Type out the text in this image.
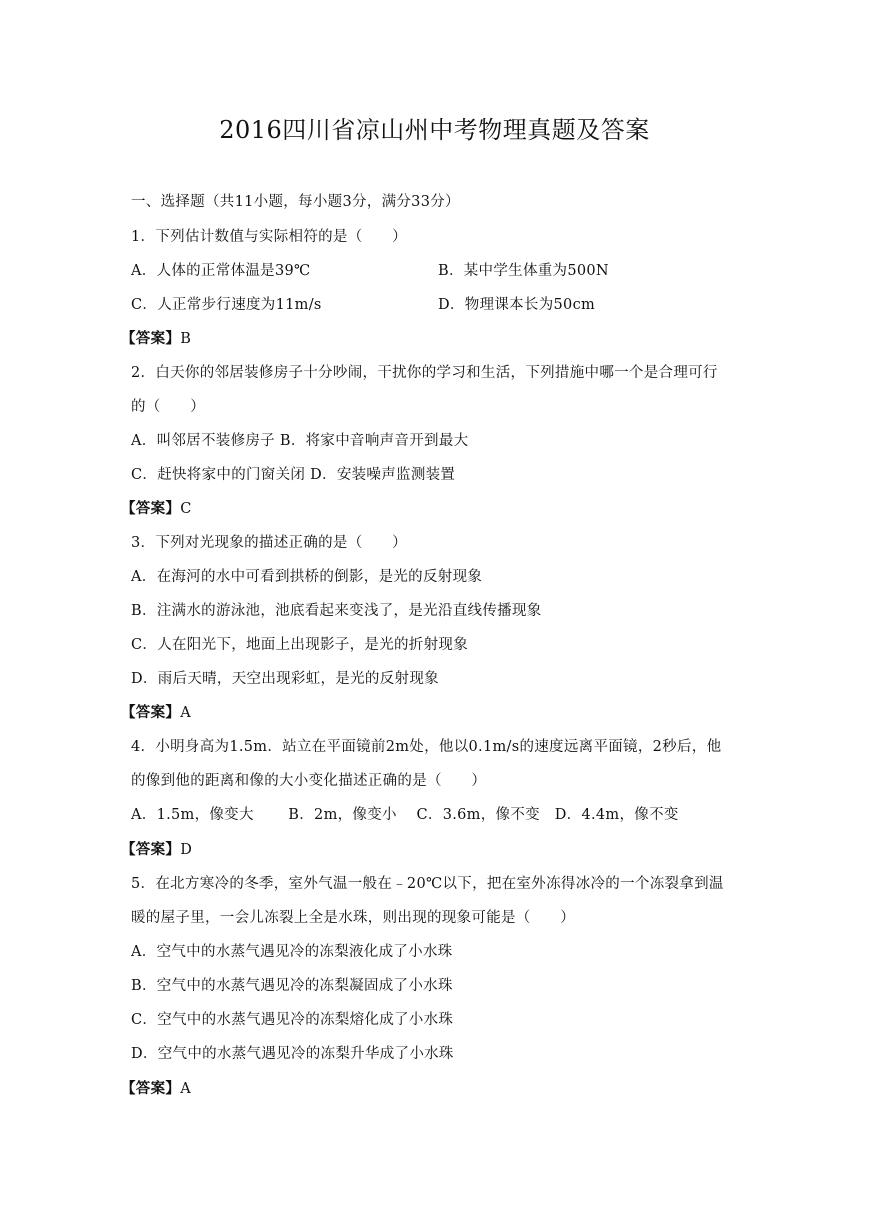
2016四川省凉山州中考物理真题及答案
一、选择题（共11小题，每小题3分，满分33分）
1．下列估计数值与实际相符的是（　　）
A．人体的正常体温是39℃	B．某中学生体重为500N
C．人正常步行速度为11m/s	D．物理课本长为50cm
【答案】B
2．白天你的邻居装修房子十分吵闹，干扰你的学习和生活，下列措施中哪一个是合理可行
的（　　）
A．叫邻居不装修房子 B．将家中音响声音开到最大
C．赶快将家中的门窗关闭 D．安装噪声监测装置
【答案】C
3．下列对光现象的描述正确的是（　　）
A．在海河的水中可看到拱桥的倒影，是光的反射现象
B．注满水的游泳池，池底看起来变浅了，是光沿直线传播现象
C．人在阳光下，地面上出现影子，是光的折射现象
D．雨后天晴，天空出现彩虹，是光的反射现象
【答案】A
4．小明身高为1.5m．站立在平面镜前2m处，他以0.1m/s的速度远离平面镜，2秒后，他
的像到他的距离和像的大小变化描述正确的是（　　）
A．1.5m，像变大　　 B．2m，像变小　 C．3.6m，像不变　D．4.4m，像不变
【答案】D
5．在北方寒冷的冬季，室外气温一般在﹣20℃以下，把在室外冻得冰冷的一个冻裂拿到温
暖的屋子里，一会儿冻裂上全是水珠，则出现的现象可能是（　　）
A．空气中的水蒸气遇见冷的冻梨液化成了小水珠
B．空气中的水蒸气遇见冷的冻梨凝固成了小水珠
C．空气中的水蒸气遇见冷的冻梨熔化成了小水珠
D．空气中的水蒸气遇见冷的冻梨升华成了小水珠
【答案】A
